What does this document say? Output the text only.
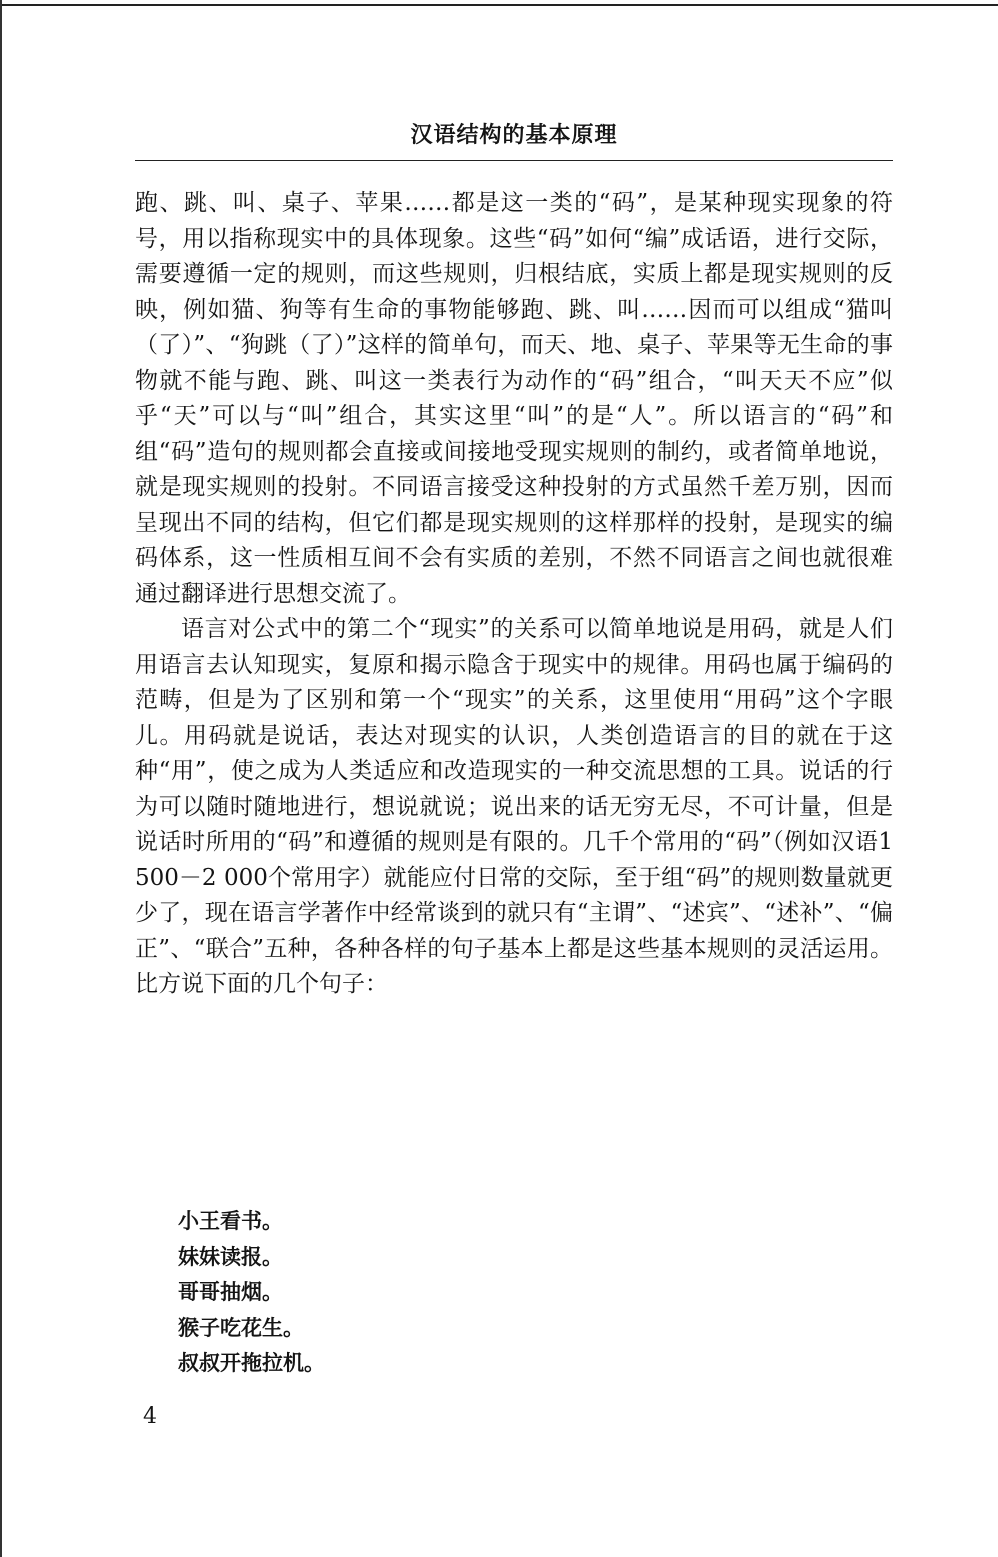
汉语结构的基本原理

跑、跳、叫、桌子、苹果……都是这一类的“码”，是某种现实现象的符号，用以指称现实中的具体现象。这些“码”如何“编”成话语，进行交际，需要遵循一定的规则，而这些规则，归根结底，实质上都是现实规则的反映，例如猫、狗等有生命的事物能够跑、跳、叫……因而可以组成“猫叫（了）”、“狗跳（了）”这样的简单句，而天、地、桌子、苹果等无生命的事物就不能与跑、跳、叫这一类表行为动作的“码”组合，“叫天天不应”似乎“天”可以与“叫”组合，其实这里“叫”的是“人”。所以语言的“码”和组“码”造句的规则都会直接或间接地受现实规则的制约，或者简单地说，就是现实规则的投射。不同语言接受这种投射的方式虽然千差万别，因而呈现出不同的结构，但它们都是现实规则的这样那样的投射，是现实的编码体系，这一性质相互间不会有实质的差别，不然不同语言之间也就很难通过翻译进行思想交流了。

语言对公式中的第二个“现实”的关系可以简单地说是用码，就是人们用语言去认知现实，复原和揭示隐含于现实中的规律。用码也属于编码的范畴，但是为了区别和第一个“现实”的关系，这里使用“用码”这个字眼儿。用码就是说话，表达对现实的认识，人类创造语言的目的就在于这种“用”，使之成为人类适应和改造现实的一种交流思想的工具。说话的行为可以随时随地进行，想说就说；说出来的话无穷无尽，不可计量，但是说话时所用的“码”和遵循的规则是有限的。几千个常用的“码”（例如汉语1 500－2 000个常用字）就能应付日常的交际，至于组“码”的规则数量就更少了，现在语言学著作中经常谈到的就只有“主谓”、“述宾”、“述补”、“偏正”、“联合”五种，各种各样的句子基本上都是这些基本规则的灵活运用。比方说下面的几个句子：

小王看书。
妹妹读报。
哥哥抽烟。
猴子吃花生。
叔叔开拖拉机。
4
